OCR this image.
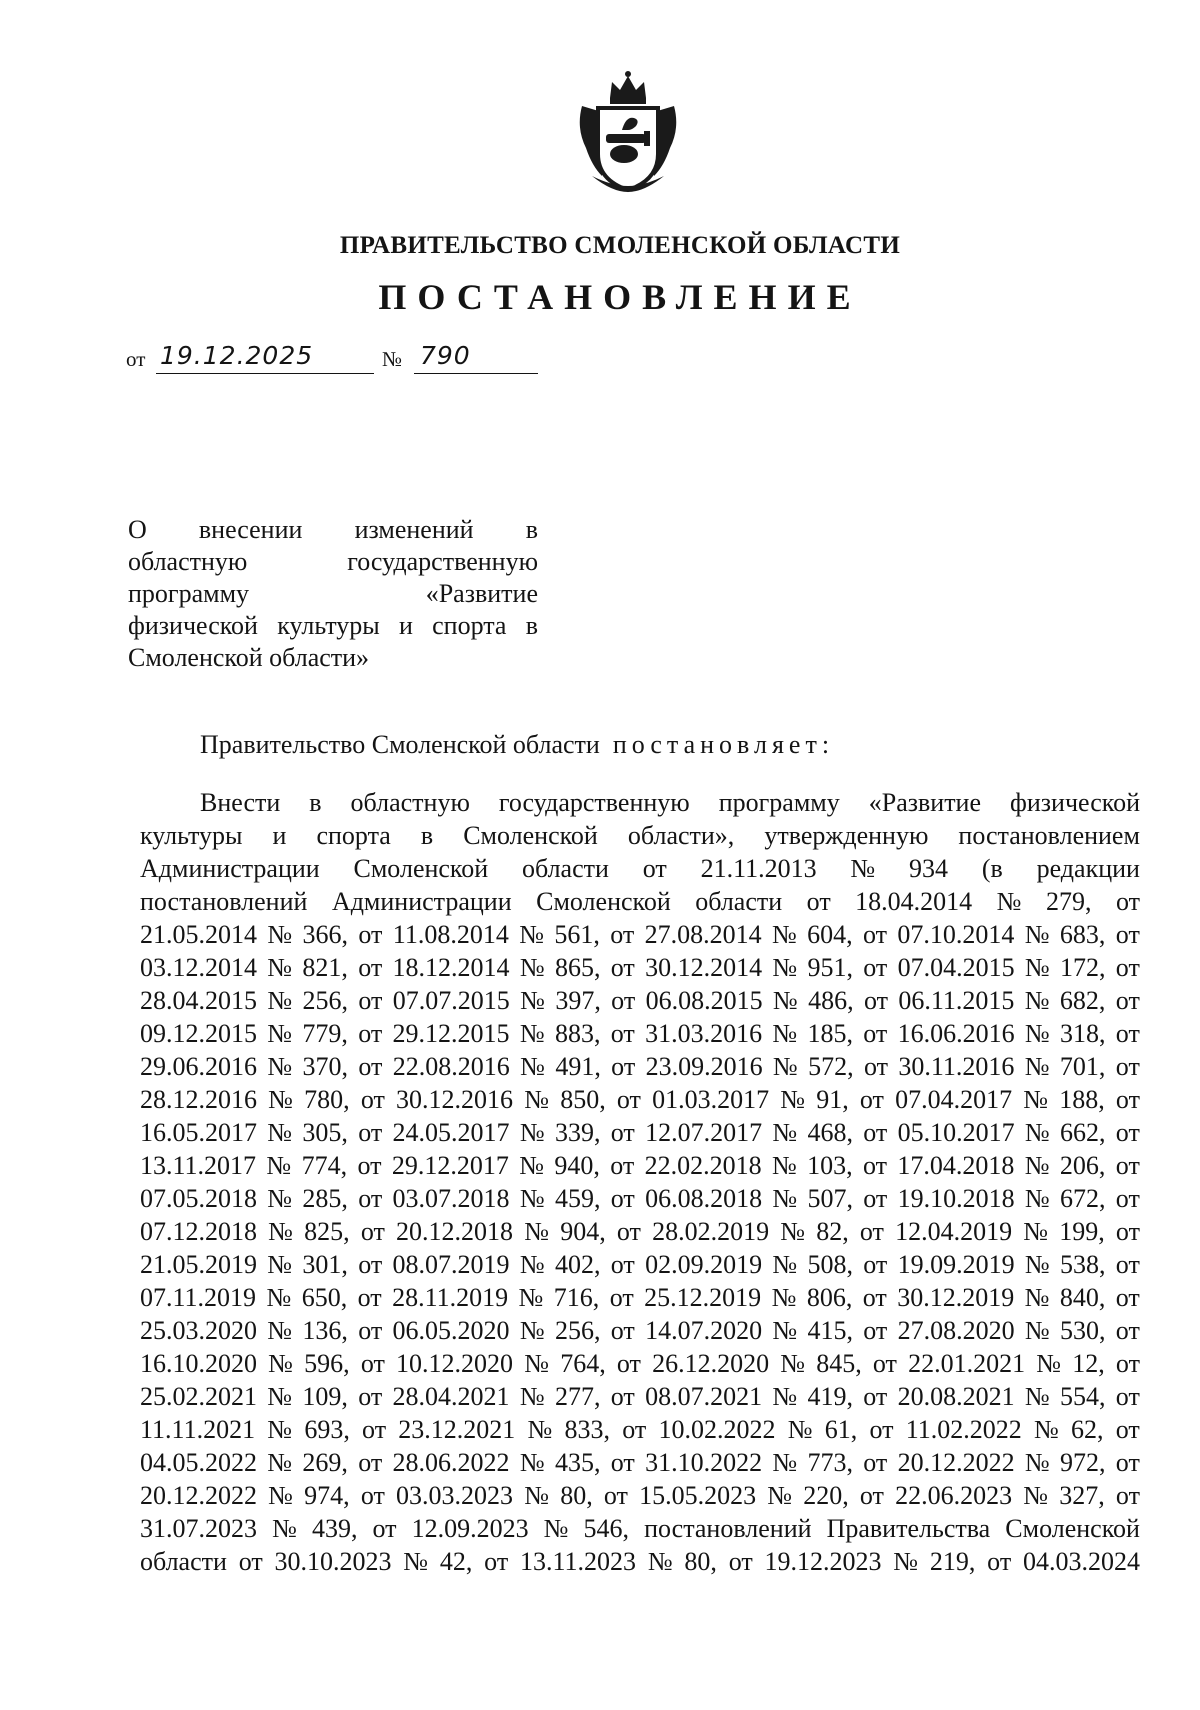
ПРАВИТЕЛЬСТВО СМОЛЕНСКОЙ ОБЛАСТИ
ПОСТАНОВЛЕНИЕ
от 19.12.2025	№ 790
О внесении изменений в
областную	государственную
программу	«Развитие
физической культуры и спорта в
Смоленской области»
Правительство Смоленской области постановляет:
Внести в областную государственную программу «Развитие физической
культуры и спорта в Смоленской области», утвержденную постановлением
Администрации Смоленской области от 21.11.2013 № 934 (в редакции
постановлений Администрации Смоленской области от 18.04.2014 № 279, от
21.05.2014 № 366, от 11.08.2014 № 561, от 27.08.2014 № 604, от 07.10.2014 № 683, от
03.12.2014 № 821, от 18.12.2014 № 865, от 30.12.2014 № 951, от 07.04.2015 № 172, от
28.04.2015 № 256, от 07.07.2015 № 397, от 06.08.2015 № 486, от 06.11.2015 № 682, от
09.12.2015 № 779, от 29.12.2015 № 883, от 31.03.2016 № 185, от 16.06.2016 № 318, от
29.06.2016 № 370, от 22.08.2016 № 491, от 23.09.2016 № 572, от 30.11.2016 № 701, от
28.12.2016 № 780, от 30.12.2016 № 850, от 01.03.2017 № 91, от 07.04.2017 № 188, от
16.05.2017 № 305, от 24.05.2017 № 339, от 12.07.2017 № 468, от 05.10.2017 № 662, от
13.11.2017 № 774, от 29.12.2017 № 940, от 22.02.2018 № 103, от 17.04.2018 № 206, от
07.05.2018 № 285, от 03.07.2018 № 459, от 06.08.2018 № 507, от 19.10.2018 № 672, от
07.12.2018 № 825, от 20.12.2018 № 904, от 28.02.2019 № 82, от 12.04.2019 № 199, от
21.05.2019 № 301, от 08.07.2019 № 402, от 02.09.2019 № 508, от 19.09.2019 № 538, от
07.11.2019 № 650, от 28.11.2019 № 716, от 25.12.2019 № 806, от 30.12.2019 № 840, от
25.03.2020 № 136, от 06.05.2020 № 256, от 14.07.2020 № 415, от 27.08.2020 № 530, от
16.10.2020 № 596, от 10.12.2020 № 764, от 26.12.2020 № 845, от 22.01.2021 № 12, от
25.02.2021 № 109, от 28.04.2021 № 277, от 08.07.2021 № 419, от 20.08.2021 № 554, от
11.11.2021 № 693, от 23.12.2021 № 833, от 10.02.2022 № 61, от 11.02.2022 № 62, от
04.05.2022 № 269, от 28.06.2022 № 435, от 31.10.2022 № 773, от 20.12.2022 № 972, от
20.12.2022 № 974, от 03.03.2023 № 80, от 15.05.2023 № 220, от 22.06.2023 № 327, от
31.07.2023 № 439, от 12.09.2023 № 546, постановлений Правительства Смоленской
области от 30.10.2023 № 42, от 13.11.2023 № 80, от 19.12.2023 № 219, от 04.03.2024
